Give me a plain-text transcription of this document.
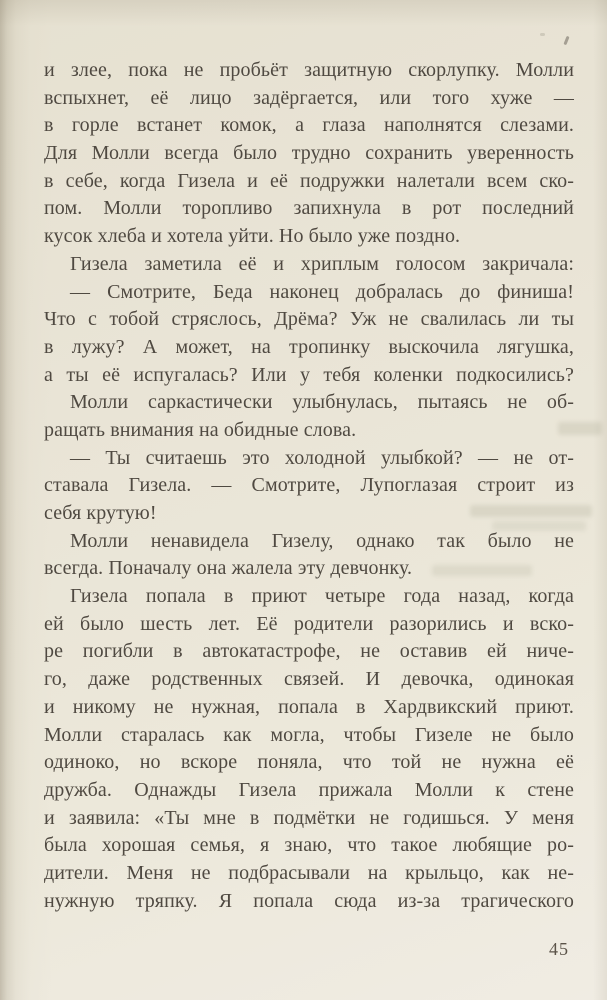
и злее, пока не пробьёт защитную скорлупку. Молли
вспыхнет, её лицо задёргается, или того хуже —
в горле встанет комок, а глаза наполнятся слезами.
Для Молли всегда было трудно сохранить уверенность
в себе, когда Гизела и её подружки налетали всем ско-
пом. Молли торопливо запихнула в рот последний
кусок хлеба и хотела уйти. Но было уже поздно.
Гизела заметила её и хриплым голосом закричала:
— Смотрите, Беда наконец добралась до финиша!
Что с тобой стряслось, Дрёма? Уж не свалилась ли ты
в лужу? А может, на тропинку выскочила лягушка,
а ты её испугалась? Или у тебя коленки подкосились?
Молли саркастически улыбнулась, пытаясь не об-
ращать внимания на обидные слова.
— Ты считаешь это холодной улыбкой? — не от-
ставала Гизела. — Смотрите, Лупоглазая строит из
себя крутую!
Молли ненавидела Гизелу, однако так было не
всегда. Поначалу она жалела эту девчонку.
Гизела попала в приют четыре года назад, когда
ей было шесть лет. Её родители разорились и вско-
ре погибли в автокатастрофе, не оставив ей ниче-
го, даже родственных связей. И девочка, одинокая
и никому не нужная, попала в Хардвикский приют.
Молли старалась как могла, чтобы Гизеле не было
одиноко, но вскоре поняла, что той не нужна её
дружба. Однажды Гизела прижала Молли к стене
и заявила: «Ты мне в подмётки не годишься. У меня
была хорошая семья, я знаю, что такое любящие ро-
дители. Меня не подбрасывали на крыльцо, как не-
нужную тряпку. Я попала сюда из-за трагического
45
